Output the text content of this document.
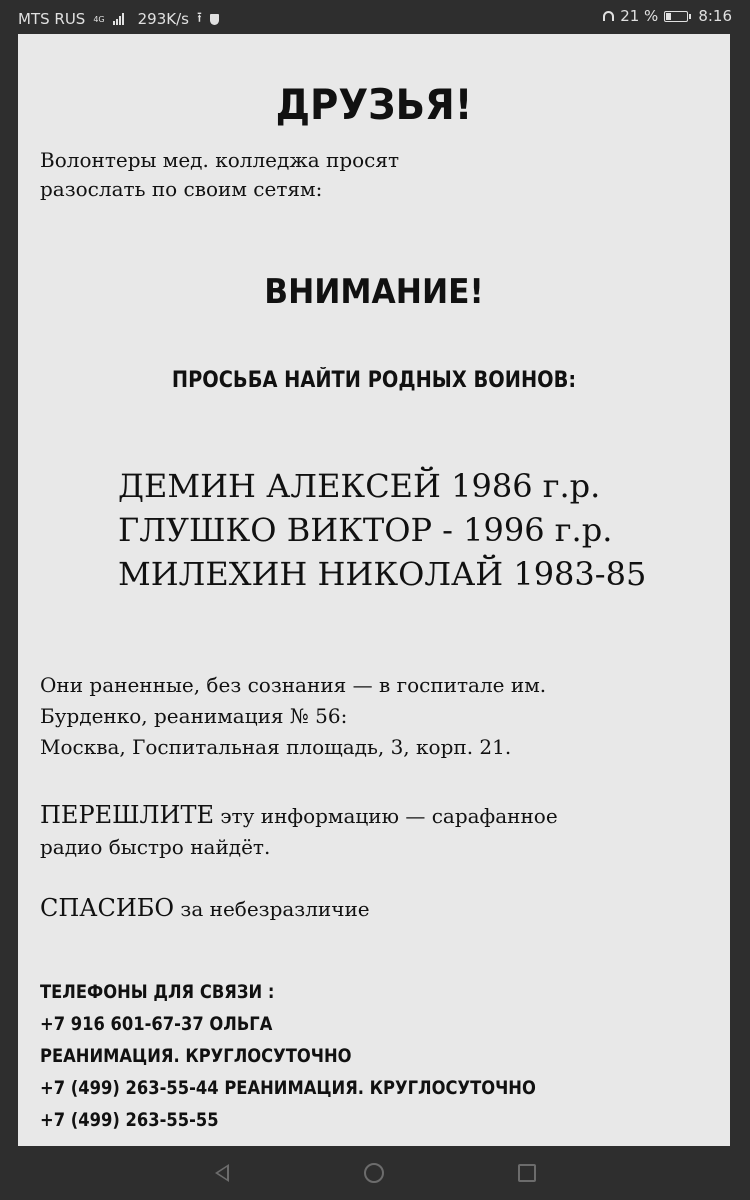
MTS RUS 4G 293K/s ⭱	21 %	8:16
ДРУЗЬЯ!
Волонтеры мед. колледжа просят
разослать по своим сетям:
ВНИМАНИЕ!
ПРОСЬБА НАЙТИ РОДНЫХ ВОИНОВ:
ДЕМИН АЛЕКСЕЙ 1986 г.р.
ГЛУШКО ВИКТОР - 1996 г.р.
МИЛЕХИН НИКОЛАЙ 1983-85
Они раненные, без сознания — в госпитале им.
Бурденко, реанимация № 56:
Москва, Госпитальная площадь, 3, корп. 21.
ПЕРЕШЛИТЕ эту информацию — сарафанное
радио быстро найдёт.
СПАСИБО за небезразличие
ТЕЛЕФОНЫ ДЛЯ СВЯЗИ :
+7 916 601-67-37 ОЛЬГА
РЕАНИМАЦИЯ. КРУГЛОСУТОЧНО
+7 (499) 263-55-44 РЕАНИМАЦИЯ. КРУГЛОСУТОЧНО
+7 (499) 263-55-55
